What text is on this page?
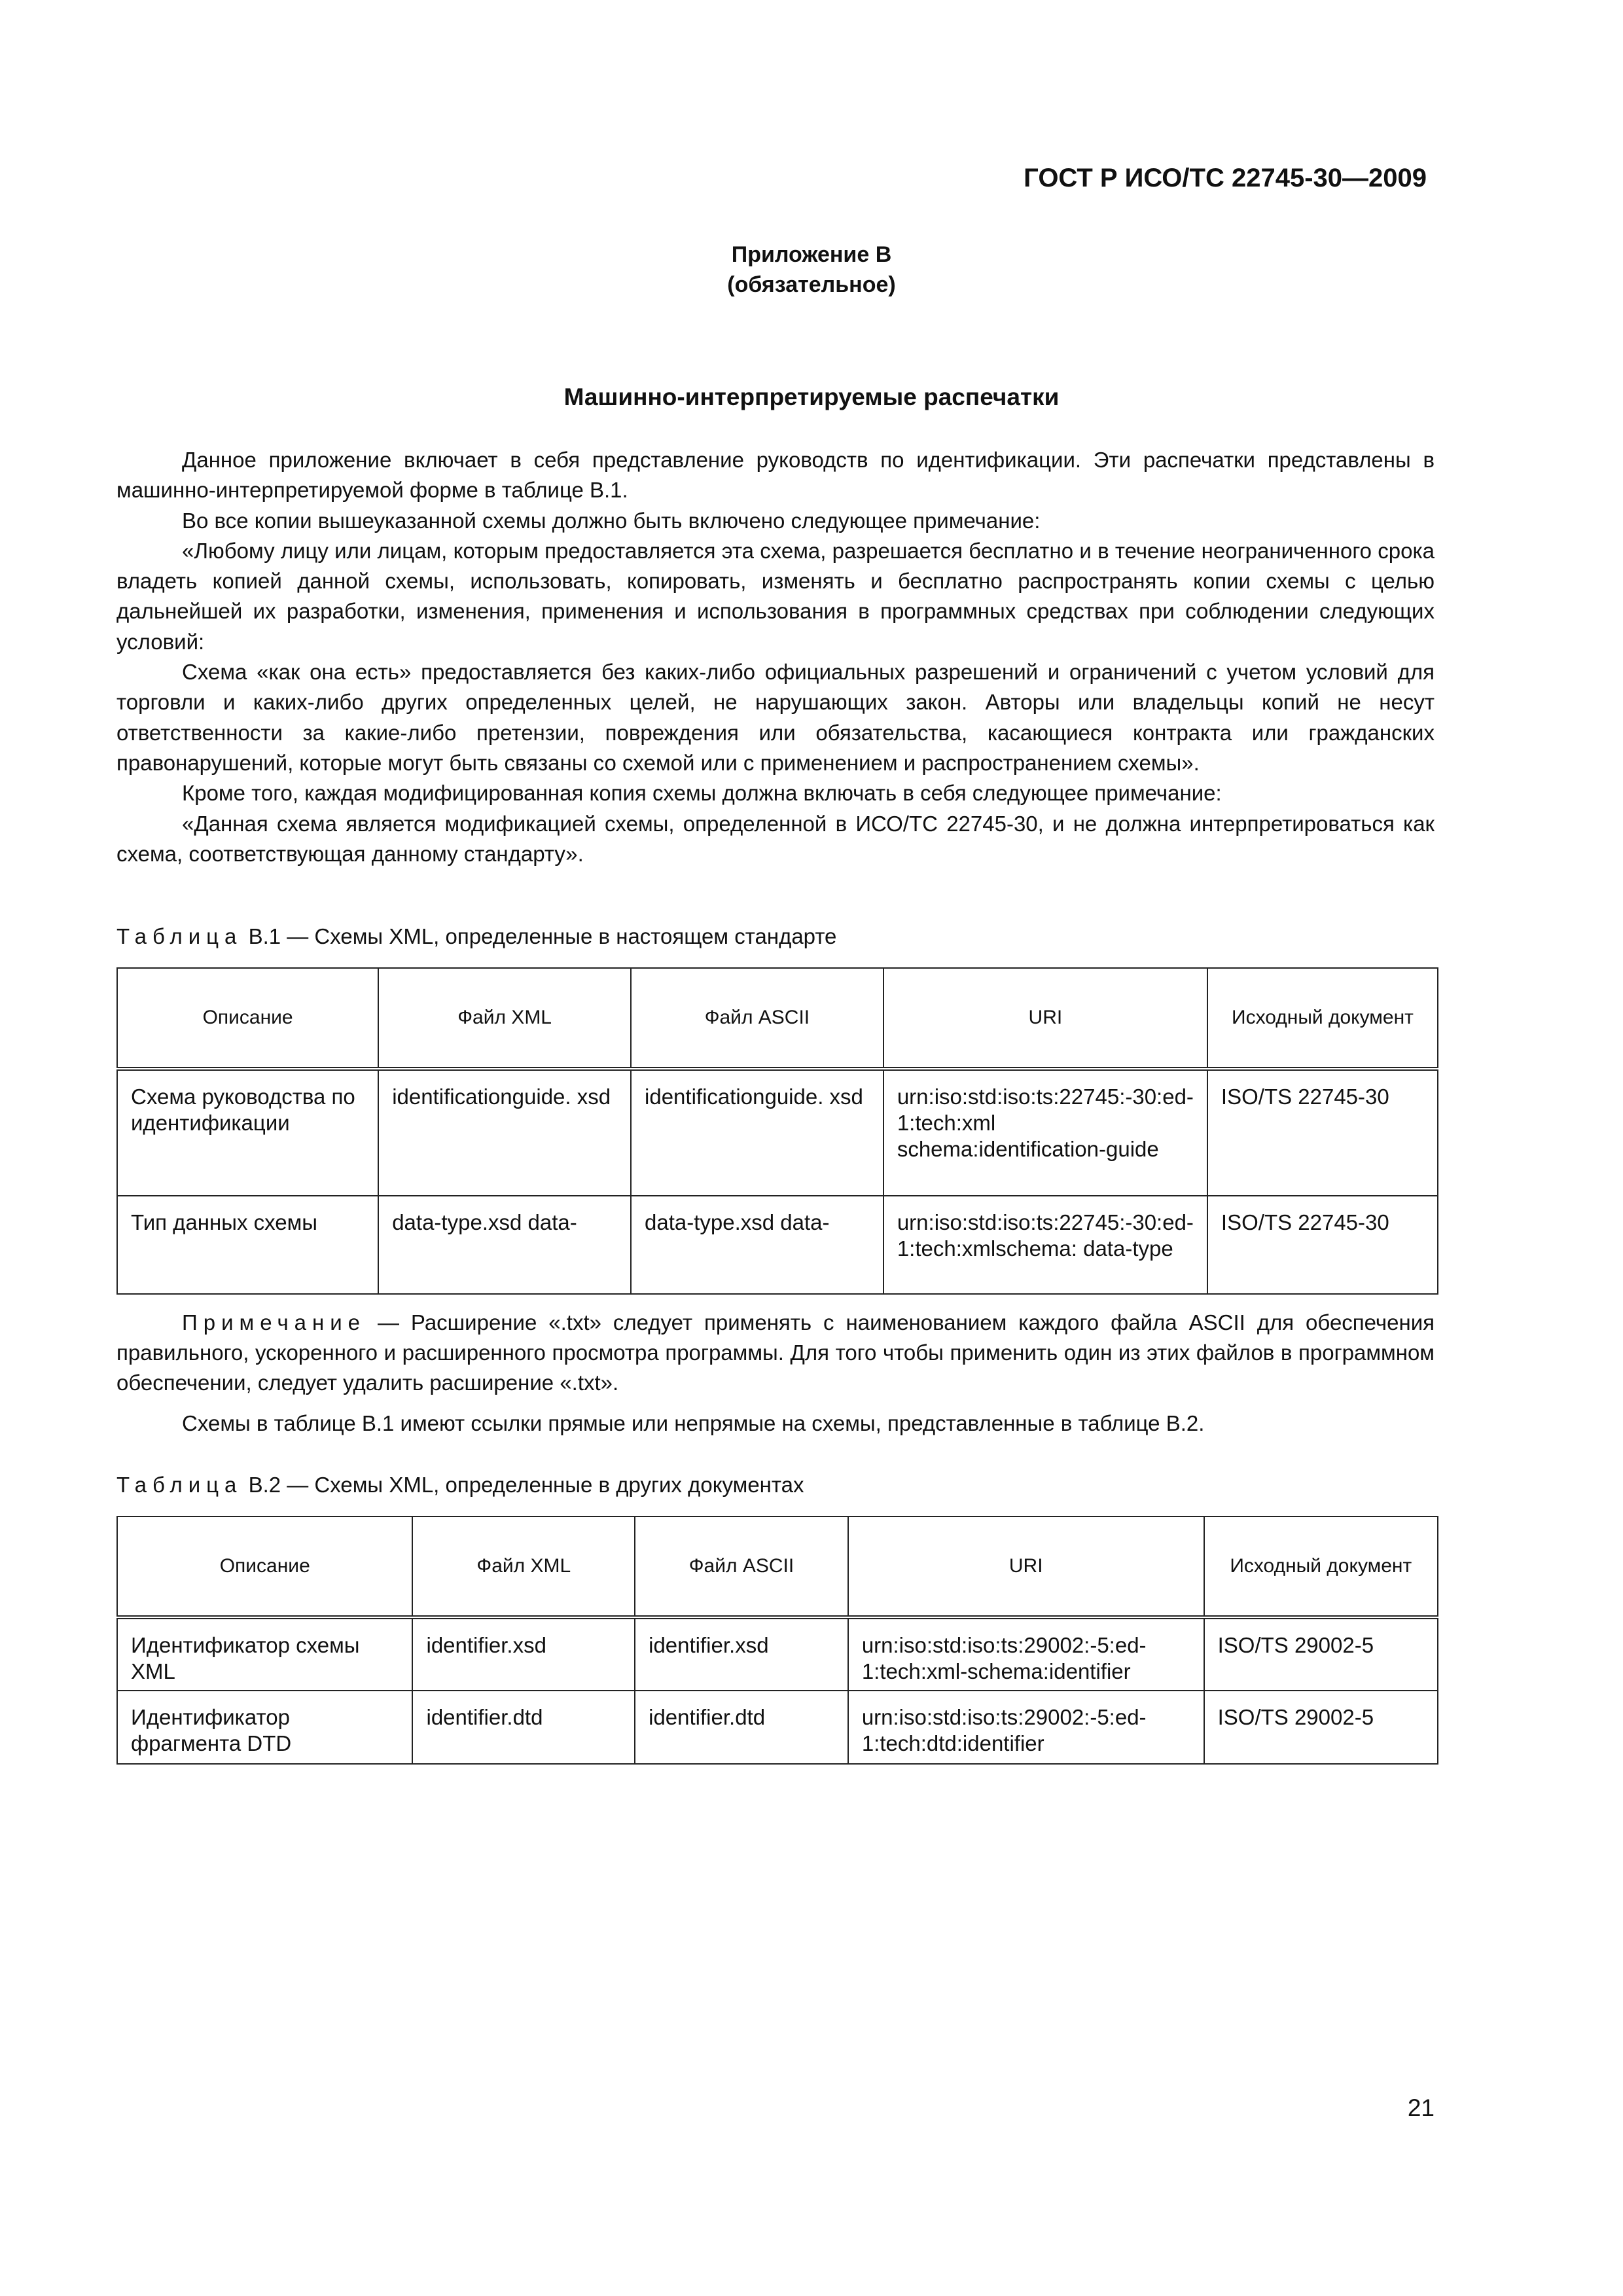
ГОСТ Р ИСО/ТС 22745-30—2009
Приложение В
(обязательное)
Машинно-интерпретируемые распечатки

Данное приложение включает в себя представление руководств по идентификации. Эти распечатки представлены в машинно-интерпретируемой форме в таблице В.1.

Во все копии вышеуказанной схемы должно быть включено следующее примечание:

«Любому лицу или лицам, которым предоставляется эта схема, разрешается бесплатно и в течение неограниченного срока владеть копией данной схемы, использовать, копировать, изменять и бесплатно распространять копии схемы с целью дальнейшей их разработки, изменения, применения и использования в программных средствах при соблюдении следующих условий:

Схема «как она есть» предоставляется без каких-либо официальных разрешений и ограничений с учетом условий для торговли и каких-либо других определенных целей, не нарушающих закон. Авторы или владельцы копий не несут ответственности за какие-либо претензии, повреждения или обязательства, касающиеся контракта или гражданских правонарушений, которые могут быть связаны со схемой или с применением и распространением схемы».

Кроме того, каждая модифицированная копия схемы должна включать в себя следующее примечание:

«Данная схема является модификацией схемы, определенной в ИСО/ТС 22745-30, и не должна интерпретироваться как схема, соответствующая данному стандарту».

Таблица В.1 — Схемы XML, определенные в настоящем стандарте
Описание	Файл XML	Файл ASCII	URI	Исходный документ
Схема руководства по идентификации	identificationguide. xsd	identificationguide. xsd	urn:iso:std:iso:ts:22745:-30:ed-1:tech:xml schema:identification-guide	ISO/TS 22745-30
Тип данных схемы	data-type.xsd data-	data-type.xsd data-	urn:iso:std:iso:ts:22745:-30:ed-1:tech:xmlschema: data-type	ISO/TS 22745-30
Примечание — Расширение «.txt» следует применять с наименованием каждого файла ASCII для обеспечения правильного, ускоренного и расширенного просмотра программы. Для того чтобы применить один из этих файлов в программном обеспечении, следует удалить расширение «.txt».
Схемы в таблице В.1 имеют ссылки прямые или непрямые на схемы, представленные в таблице В.2.
Таблица В.2 — Схемы XML, определенные в других документах
Описание	Файл XML	Файл ASCII	URI	Исходный документ
Идентификатор схемы XML	identifier.xsd	identifier.xsd	urn:iso:std:iso:ts:29002:-5:ed-1:tech:xml-schema:identifier	ISO/TS 29002-5
Идентификатор фрагмента DTD	identifier.dtd	identifier.dtd	urn:iso:std:iso:ts:29002:-5:ed-1:tech:dtd:identifier	ISO/TS 29002-5
21
